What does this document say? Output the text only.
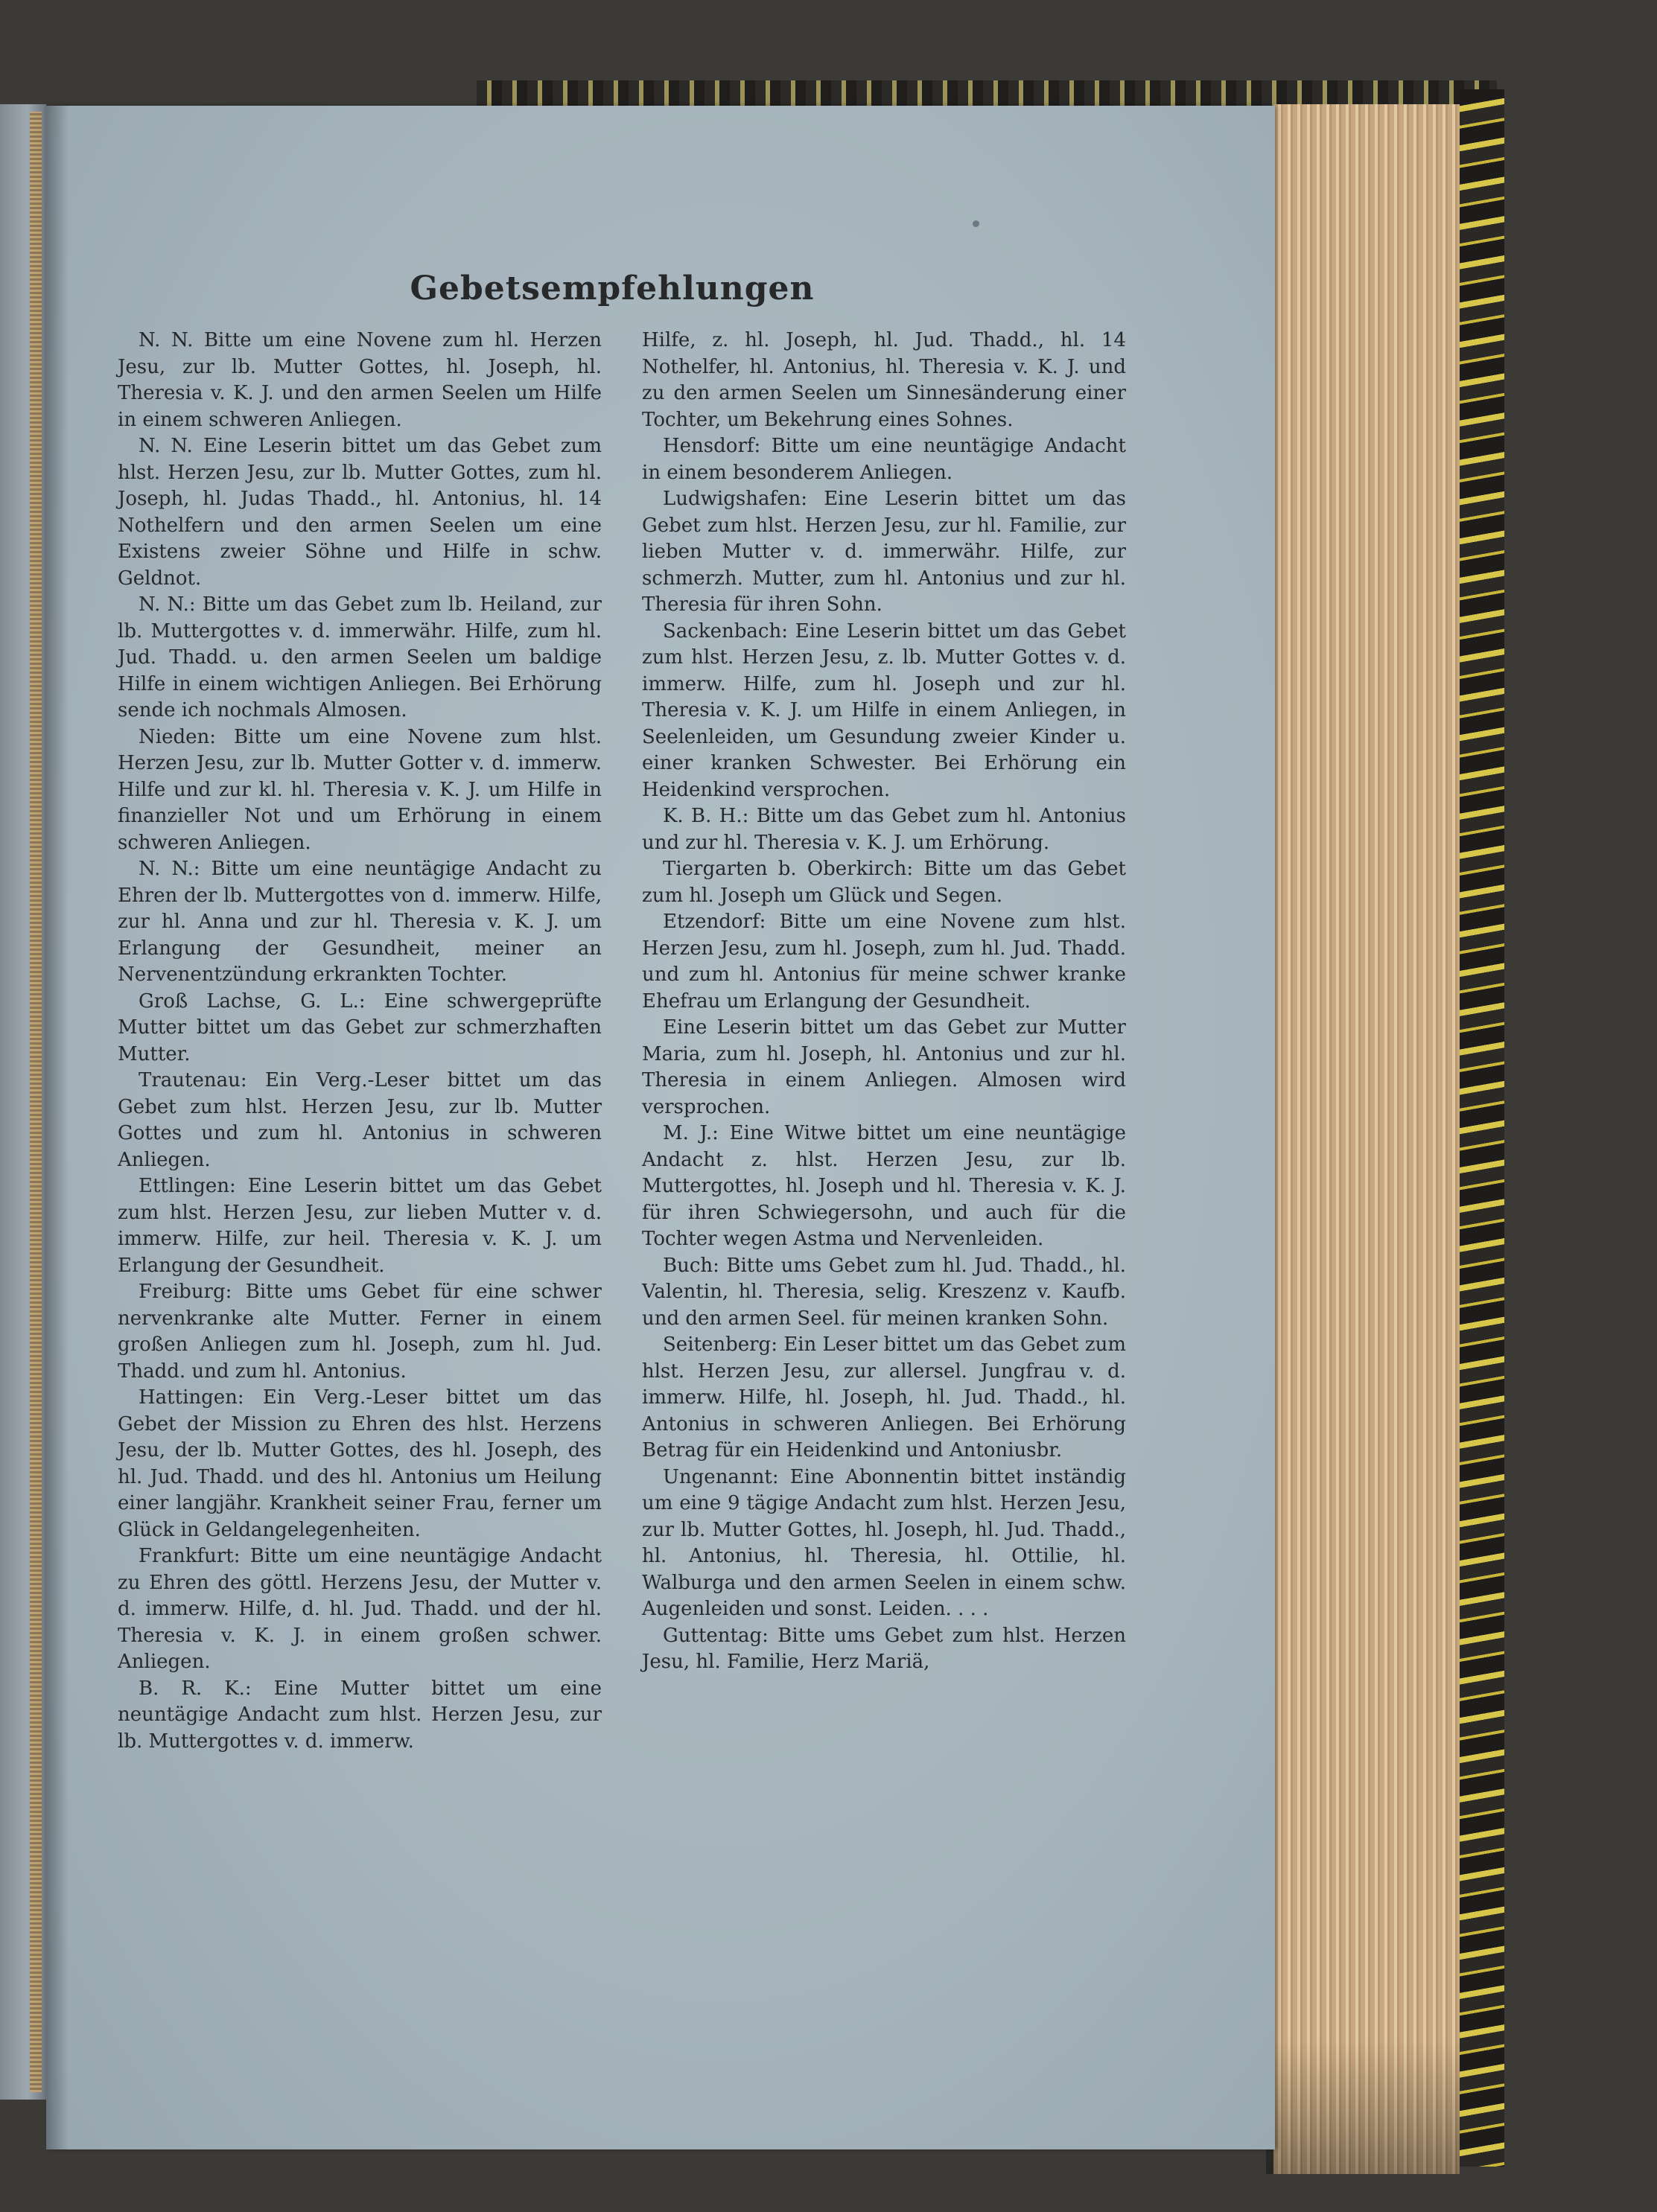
Gebetsempfehlungen

N. N. Bitte um eine Novene zum hl. Herzen Jesu, zur lb. Mutter Gottes, hl. Joseph, hl. Theresia v. K. J. und den armen Seelen um Hilfe in einem schweren Anliegen.

N. N. Eine Leserin bittet um das Gebet zum hlst. Herzen Jesu, zur lb. Mutter Gottes, zum hl. Joseph, hl. Judas Thadd., hl. Antonius, hl. 14 Nothelfern und den armen Seelen um eine Existens zweier Söhne und Hilfe in schw. Geldnot.

N. N.: Bitte um das Gebet zum lb. Heiland, zur lb. Muttergottes v. d. immerwähr. Hilfe, zum hl. Jud. Thadd. u. den armen Seelen um baldige Hilfe in einem wichtigen Anliegen. Bei Erhörung sende ich nochmals Almosen.

Nieden: Bitte um eine Novene zum hlst. Herzen Jesu, zur lb. Mutter Gotter v. d. immerw. Hilfe und zur kl. hl. Theresia v. K. J. um Hilfe in finanzieller Not und um Erhörung in einem schweren Anliegen.

N. N.: Bitte um eine neuntägige Andacht zu Ehren der lb. Muttergottes von d. immerw. Hilfe, zur hl. Anna und zur hl. Theresia v. K. J. um Erlangung der Gesundheit, meiner an Nervenentzündung erkrankten Tochter.

Groß Lachse, G. L.: Eine schwergeprüfte Mutter bittet um das Gebet zur schmerzhaften Mutter.

Trautenau: Ein Verg.-Leser bittet um das Gebet zum hlst. Herzen Jesu, zur lb. Mutter Gottes und zum hl. Antonius in schweren Anliegen.

Ettlingen: Eine Leserin bittet um das Gebet zum hlst. Herzen Jesu, zur lieben Mutter v. d. immerw. Hilfe, zur heil. Theresia v. K. J. um Erlangung der Gesundheit.

Freiburg: Bitte ums Gebet für eine schwer nervenkranke alte Mutter. Ferner in einem großen Anliegen zum hl. Joseph, zum hl. Jud. Thadd. und zum hl. Antonius.

Hattingen: Ein Verg.-Leser bittet um das Gebet der Mission zu Ehren des hlst. Herzens Jesu, der lb. Mutter Gottes, des hl. Joseph, des hl. Jud. Thadd. und des hl. Antonius um Heilung einer langjähr. Krankheit seiner Frau, ferner um Glück in Geldangelegenheiten.

Frankfurt: Bitte um eine neuntägige Andacht zu Ehren des göttl. Herzens Jesu, der Mutter v. d. immerw. Hilfe, d. hl. Jud. Thadd. und der hl. Theresia v. K. J. in einem großen schwer. Anliegen.

B. R. K.: Eine Mutter bittet um eine neuntägige Andacht zum hlst. Herzen Jesu, zur lb. Muttergottes v. d. immerw.

Hilfe, z. hl. Joseph, hl. Jud. Thadd., hl. 14 Nothelfer, hl. Antonius, hl. Theresia v. K. J. und zu den armen Seelen um Sinnesänderung einer Tochter, um Bekehrung eines Sohnes.

Hensdorf: Bitte um eine neuntägige Andacht in einem besonderem Anliegen.

Ludwigshafen: Eine Leserin bittet um das Gebet zum hlst. Herzen Jesu, zur hl. Familie, zur lieben Mutter v. d. immerwähr. Hilfe, zur schmerzh. Mutter, zum hl. Antonius und zur hl. Theresia für ihren Sohn.

Sackenbach: Eine Leserin bittet um das Gebet zum hlst. Herzen Jesu, z. lb. Mutter Gottes v. d. immerw. Hilfe, zum hl. Joseph und zur hl. Theresia v. K. J. um Hilfe in einem Anliegen, in Seelenleiden, um Gesundung zweier Kinder u. einer kranken Schwester. Bei Erhörung ein Heidenkind versprochen.

K. B. H.: Bitte um das Gebet zum hl. Antonius und zur hl. Theresia v. K. J. um Erhörung.

Tiergarten b. Oberkirch: Bitte um das Gebet zum hl. Joseph um Glück und Segen.

Etzendorf: Bitte um eine Novene zum hlst. Herzen Jesu, zum hl. Joseph, zum hl. Jud. Thadd. und zum hl. Antonius für meine schwer kranke Ehefrau um Erlangung der Gesundheit.

Eine Leserin bittet um das Gebet zur Mutter Maria, zum hl. Joseph, hl. Antonius und zur hl. Theresia in einem Anliegen. Almosen wird versprochen.

M. J.: Eine Witwe bittet um eine neuntägige Andacht z. hlst. Herzen Jesu, zur lb. Muttergottes, hl. Joseph und hl. Theresia v. K. J. für ihren Schwiegersohn, und auch für die Tochter wegen Astma und Nervenleiden.

Buch: Bitte ums Gebet zum hl. Jud. Thadd., hl. Valentin, hl. Theresia, selig. Kreszenz v. Kaufb. und den armen Seel. für meinen kranken Sohn.

Seitenberg: Ein Leser bittet um das Gebet zum hlst. Herzen Jesu, zur allersel. Jungfrau v. d. immerw. Hilfe, hl. Joseph, hl. Jud. Thadd., hl. Antonius in schweren Anliegen. Bei Erhörung Betrag für ein Heidenkind und Antoniusbr.

Ungenannt: Eine Abonnentin bittet inständig um eine 9 tägige Andacht zum hlst. Herzen Jesu, zur lb. Mutter Gottes, hl. Joseph, hl. Jud. Thadd., hl. Antonius, hl. Theresia, hl. Ottilie, hl. Walburga und den armen Seelen in einem schw. Augenleiden und sonst. Leiden. . . .

Guttentag: Bitte ums Gebet zum hlst. Herzen Jesu, hl. Familie, Herz Mariä,
